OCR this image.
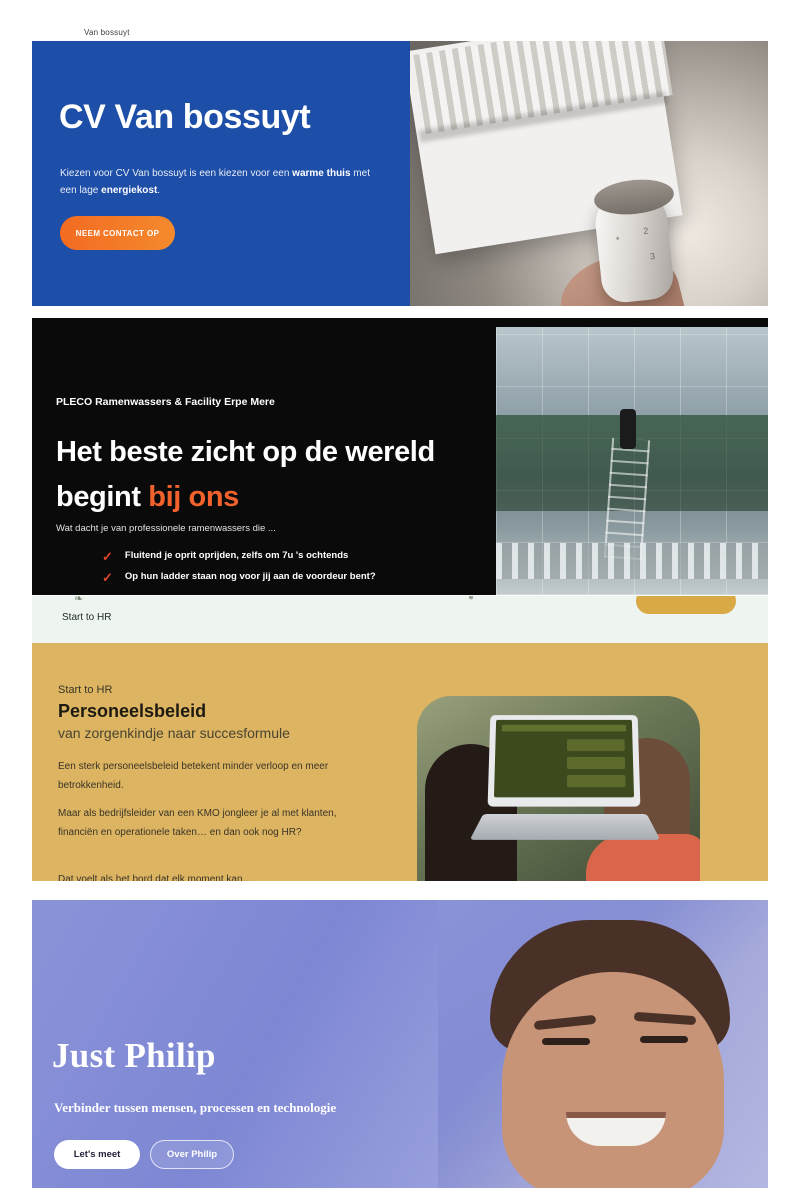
Van bossuyt
*
2
3
CV Van bossuyt

Kiezen voor CV Van bossuyt is een kiezen voor een warme thuis met een lage energiekost.

NEEM CONTACT OP
PLECO Ramenwassers & Facility Erpe Mere
Het beste zicht op de wereld
begint bij ons
Wat dacht je van professionele ramenwassers die ...
✓ Fluitend je oprit oprijden, zelfs om 7u 's ochtends
✓ Op hun ladder staan nog voor jij aan de voordeur bent?
❧
Start to HR
●
Start to HR
Personeelsbeleid
van zorgenkindje naar succesformule
Een sterk personeelsbeleid betekent minder verloop en meer betrokkenheid.
Maar als bedrijfsleider van een KMO jongleer je al met klanten, financiën en operationele taken… en dan ook nog HR?
Dat voelt als het bord dat elk moment kan…
Just Philip
Verbinder tussen mensen, processen en technologie
Let's meet	Over Philip
